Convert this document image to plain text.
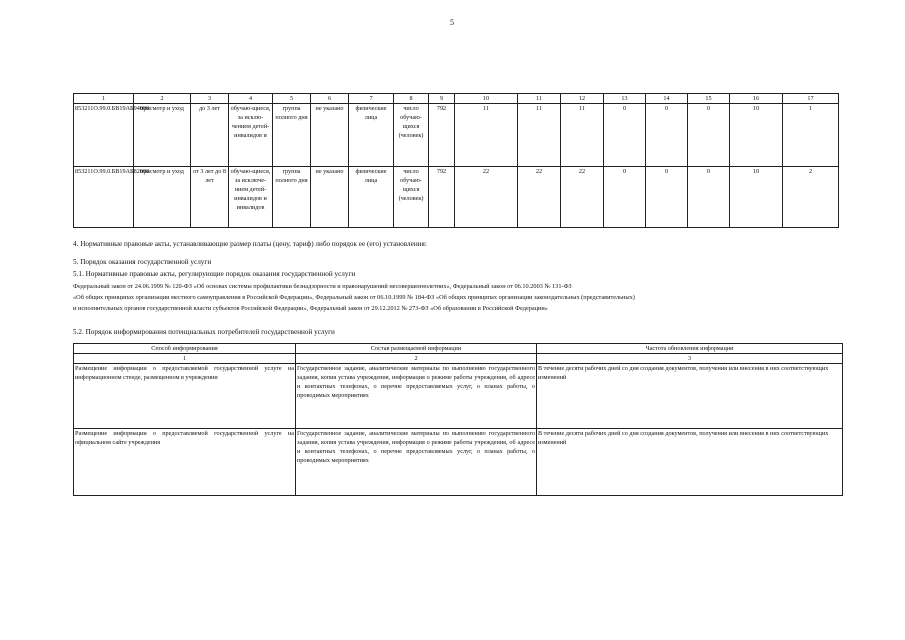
5
1	2	3	4	5	6	7	8	9	10	11	12	13	14	15	16	17
853211О.99.0.БВ19АБ94000	присмотр и уход	до 3 лет	обучаю-щиеся, за исклю-чением детей-инвалидов и	группа полного дня	не указано	физические лица	число обучаю-щихся (человек)	792	11	11	11	0	0	0	10	1
853211О.99.0.БВ19АБ82000	присмотр и уход	от 3 лет до 8 лет	обучаю-щиеся, за исключе-нием детей-инвалидов и инвалидов	группа полного дня	не указано	физические лица	число обучаю-щихся (человек)	792	22	22	22	0	0	0	10	2
4. Нормативные правовые акты, устанавливающие размер платы (цену, тариф) либо порядок ее (его) установления:
5. Порядок оказания государственной услуги
5.1. Нормативные правовые акты, регулирующие порядок оказания государственной услуги
Федеральный закон от 24.06.1999 № 120-ФЗ «Об основах системы профилактики безнадзорности и правонарушений несовершеннолетних», Федеральный закон от 06.10.2003 № 131-ФЗ
«Об общих принципах организации местного самоуправления в Российской Федерации», Федеральный закон от 06.10.1999 № 184-ФЗ «Об общих принципах организации законодательных (представительных)
и исполнительных органов государственной власти субъектов Российской Федерации», Федеральный закон от 29.12.2012 № 273-ФЗ «Об образовании в Российской Федерации»
5.2. Порядок информирования потенциальных потребителей государственной услуги
Способ информирования	Состав размещаемой информации	Частота обновления информации
1	2	3
Размещение информации о предоставляемой государственной услуге на информационном стенде, размещенном в учреждении	Государственное задание, аналитические материалы по выполнению государственного задания, копия устава учреждения, информация о режиме работы учреждения, об адресе и контактных телефонах, о перечне предоставляемых услуг, о планах работы, о проводимых мероприятиях	В течение десяти рабочих дней со дня создания документов, получения или внесения в них соответствующих изменений
Размещение информации о предоставляемой государственной услуге на официальном сайте учреждения	Государственное задание, аналитические материалы по выполнению государственного задания, копия устава учреждения, информация о режиме работы учреждения, об адресе и контактных телефонах, о перечне предоставляемых услуг, о планах работы, о проводимых мероприятиях	В течение десяти рабочих дней со дня создания документов, получения или внесения в них соответствующих изменений
